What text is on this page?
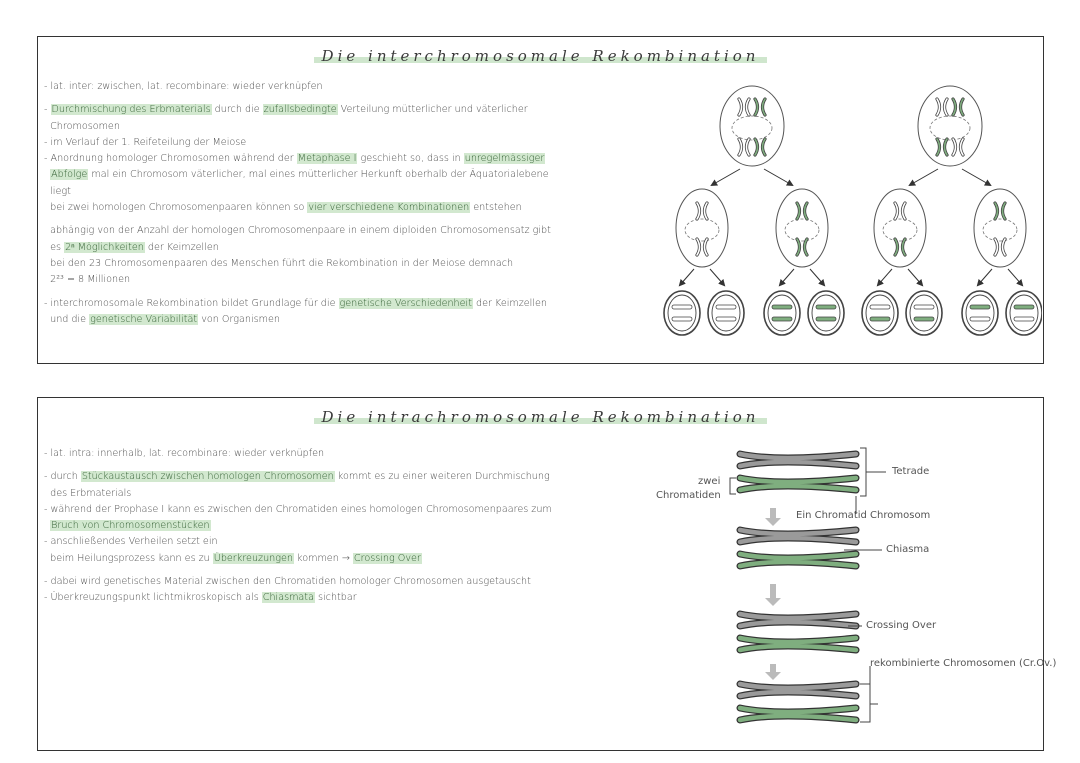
Die interchromosomale Rekombination
- lat. inter: zwischen, lat. recombinare: wieder verknüpfen
- Durchmischung des Erbmaterials durch die zufallsbedingte Verteilung mütterlicher und väterlicher
Chromosomen
- im Verlauf der 1. Reifeteilung der Meiose
- Anordnung homologer Chromosomen während der Metaphase I geschieht so, dass in unregelmässiger
Abfolge mal ein Chromosom väterlicher, mal eines mütterlicher Herkunft oberhalb der Äquatorialebene
liegt
bei zwei homologen Chromosomenpaaren können so vier verschiedene Kombinationen entstehen
abhängig von der Anzahl der homologen Chromosomenpaare in einem diploiden Chromosomensatz gibt
es 2ⁿ Möglichkeiten der Keimzellen
bei den 23 Chromosomenpaaren des Menschen führt die Rekombination in der Meiose demnach
2²³ = 8 Millionen
- interchromosomale Rekombination bildet Grundlage für die genetische Verschiedenheit der Keimzellen
und die genetische Variabilität von Organismen
Die intrachromosomale Rekombination
- lat. intra: innerhalb, lat. recombinare: wieder verknüpfen
- durch Stückaustausch zwischen homologen Chromosomen kommt es zu einer weiteren Durchmischung
des Erbmaterials
- während der Prophase I kann es zwischen den Chromatiden eines homologen Chromosomenpaares zum
Bruch von Chromosomenstücken
- anschließendes Verheilen setzt ein
beim Heilungsprozess kann es zu Überkreuzungen kommen → Crossing Over
- dabei wird genetisches Material zwischen den Chromatiden homologer Chromosomen ausgetauscht
- Überkreuzungspunkt lichtmikroskopisch als Chiasmata sichtbar
Tetrade
zwei
Chromatiden
Ein Chromatid Chromosom
Chiasma
Crossing Over
rekombinierte Chromosomen (Cr.Ov.)
